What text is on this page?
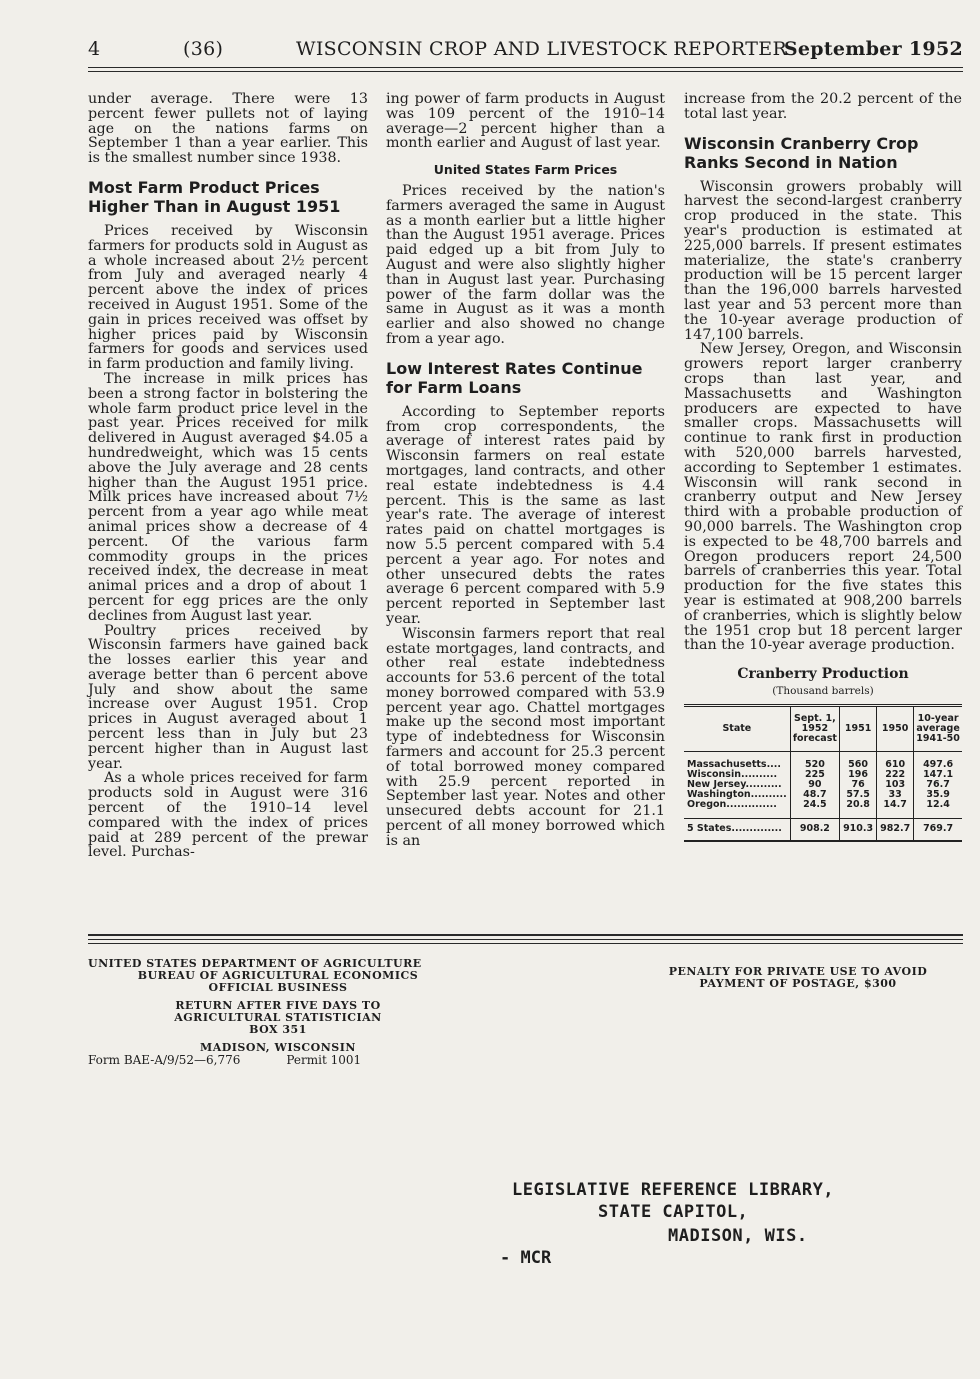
4	(36)	WISCONSIN CROP AND LIVESTOCK REPORTER
September 1952

under average. There were 13 percent fewer pullets not of laying age on the nations farms on September 1 than a year earlier. This is the smallest number since 1938.

Most Farm Product Prices Higher Than in August 1951

Prices received by Wisconsin farmers for products sold in August as a whole increased about 2½ percent from July and averaged nearly 4 percent above the index of prices received in August 1951. Some of the gain in prices received was offset by higher prices paid by Wisconsin farmers for goods and services used in farm production and family living.

The increase in milk prices has been a strong factor in bolstering the whole farm product price level in the past year. Prices received for milk delivered in August averaged $4.05 a hundredweight, which was 15 cents above the July average and 28 cents higher than the August 1951 price. Milk prices have increased about 7½ percent from a year ago while meat animal prices show a decrease of 4 percent. Of the various farm commodity groups in the prices received index, the decrease in meat animal prices and a drop of about 1 percent for egg prices are the only declines from August last year.

Poultry prices received by Wisconsin farmers have gained back the losses earlier this year and average better than 6 percent above July and show about the same increase over August 1951. Crop prices in August averaged about 1 percent less than in July but 23 percent higher than in August last year.

As a whole prices received for farm products sold in August were 316 percent of the 1910–14 level compared with the index of prices paid at 289 percent of the prewar level. Purchas-

ing power of farm products in August was 109 percent of the 1910–14 average—2 percent higher than a month earlier and August of last year.

United States Farm Prices

Prices received by the nation's farmers averaged the same in August as a month earlier but a little higher than the August 1951 average. Prices paid edged up a bit from July to August and were also slightly higher than in August last year. Purchasing power of the farm dollar was the same in August as it was a month earlier and also showed no change from a year ago.

Low Interest Rates Continue for Farm Loans

According to September reports from crop correspondents, the average of interest rates paid by Wisconsin farmers on real estate mortgages, land contracts, and other real estate indebtedness is 4.4 percent. This is the same as last year's rate. The average of interest rates paid on chattel mortgages is now 5.5 percent compared with 5.4 percent a year ago. For notes and other unsecured debts the rates average 6 percent compared with 5.9 percent reported in September last year.

Wisconsin farmers report that real estate mortgages, land contracts, and other real estate indebtedness accounts for 53.6 percent of the total money borrowed compared with 53.9 percent year ago. Chattel mortgages make up the second most important type of indebtedness for Wisconsin farmers and account for 25.3 percent of total borrowed money compared with 25.9 percent reported in September last year. Notes and other unsecured debts account for 21.1 percent of all money borrowed which is an

increase from the 20.2 percent of the total last year.

Wisconsin Cranberry Crop Ranks Second in Nation

Wisconsin growers probably will harvest the second-largest cranberry crop produced in the state. This year's production is estimated at 225,000 barrels. If present estimates materialize, the state's cranberry production will be 15 percent larger than the 196,000 barrels harvested last year and 53 percent more than the 10-year average production of 147,100 barrels.

New Jersey, Oregon, and Wisconsin growers report larger cranberry crops than last year, and Massachusetts and Washington producers are expected to have smaller crops. Massachusetts will continue to rank first in production with 520,000 barrels harvested, according to September 1 estimates. Wisconsin will rank second in cranberry output and New Jersey third with a probable production of 90,000 barrels. The Washington crop is expected to be 48,700 barrels and Oregon producers report 24,500 barrels of cranberries this year. Total production for the five states this year is estimated at 908,200 barrels of cranberries, which is slightly below the 1951 crop but 18 percent larger than the 10-year average production.

Cranberry Production
(Thousand barrels)
State	Sept. 1, 1952 forecast	1951	1950	10-year average 1941-50
Massachusetts....	520	560	610	497.6
Wisconsin..........	225	196	222	147.1
New Jersey..........	90	76	103	76.7
Washington..........	48.7	57.5	33	35.9
Oregon..............	24.5	20.8	14.7	12.4
5 States..............	908.2	910.3	982.7	769.7
UNITED STATES DEPARTMENT OF AGRICULTURE
BUREAU OF AGRICULTURAL ECONOMICS
OFFICIAL BUSINESS
RETURN AFTER FIVE DAYS TO
AGRICULTURAL STATISTICIAN
BOX 351
MADISON, WISCONSIN
Form BAE-A/9/52—6,776	Permit 1001
PENALTY FOR PRIVATE USE TO AVOID
PAYMENT OF POSTAGE, $300
LEGISLATIVE REFERENCE LIBRARY,
STATE CAPITOL,
MADISON, WIS.
- MCR
